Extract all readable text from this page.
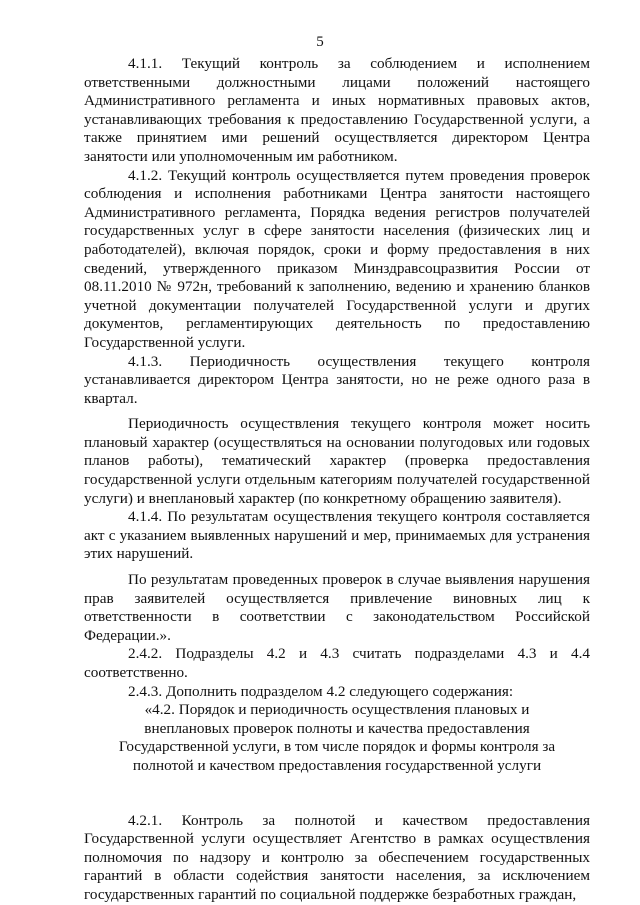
5

4.1.1. Текущий контроль за соблюдением и исполнением ответственными должностными лицами положений настоящего Административного регламента и иных нормативных правовых актов, устанавливающих требования к предоставлению Государственной услуги, а также принятием ими решений осуществляется директором Центра занятости или уполномоченным им работником.

4.1.2. Текущий контроль осуществляется путем проведения проверок соблюдения и исполнения работниками Центра занятости настоящего Административного регламента, Порядка ведения регистров получателей государственных услуг в сфере занятости населения (физических лиц и работодателей), включая порядок, сроки и форму предоставления в них сведений, утвержденного приказом Минздравсоцразвития России от 08.11.2010 № 972н, требований к заполнению, ведению и хранению бланков учетной документации получателей Государственной услуги и других документов, регламентирующих деятельность по предоставлению Государственной услуги.

4.1.3. Периодичность осуществления текущего контроля устанавливается директором Центра занятости, но не реже одного раза в квартал.

Периодичность осуществления текущего контроля может носить плановый характер (осуществляться на основании полугодовых или годовых планов работы), тематический характер (проверка предоставления государственной услуги отдельным категориям получателей государственной услуги) и внеплановый характер (по конкретному обращению заявителя).

4.1.4. По результатам осуществления текущего контроля составляется акт с указанием выявленных нарушений и мер, принимаемых для устранения этих нарушений.

По результатам проведенных проверок в случае выявления нарушения прав заявителей осуществляется привлечение виновных лиц к ответственности в соответствии с законодательством Российской Федерации.».

2.4.2. Подразделы 4.2 и 4.3 считать подразделами 4.3 и 4.4 соответственно.

2.4.3. Дополнить подразделом 4.2 следующего содержания:

«4.2. Порядок и периодичность осуществления плановых и
внеплановых проверок полноты и качества предоставления
Государственной услуги, в том числе порядок и формы контроля за
полнотой и качеством предоставления государственной услуги

4.2.1. Контроль за полнотой и качеством предоставления Государственной услуги осуществляет Агентство в рамках осуществления полномочия по надзору и контролю за обеспечением государственных гарантий в области содействия занятости населения, за исключением государственных гарантий по социальной поддержке безработных граждан,
